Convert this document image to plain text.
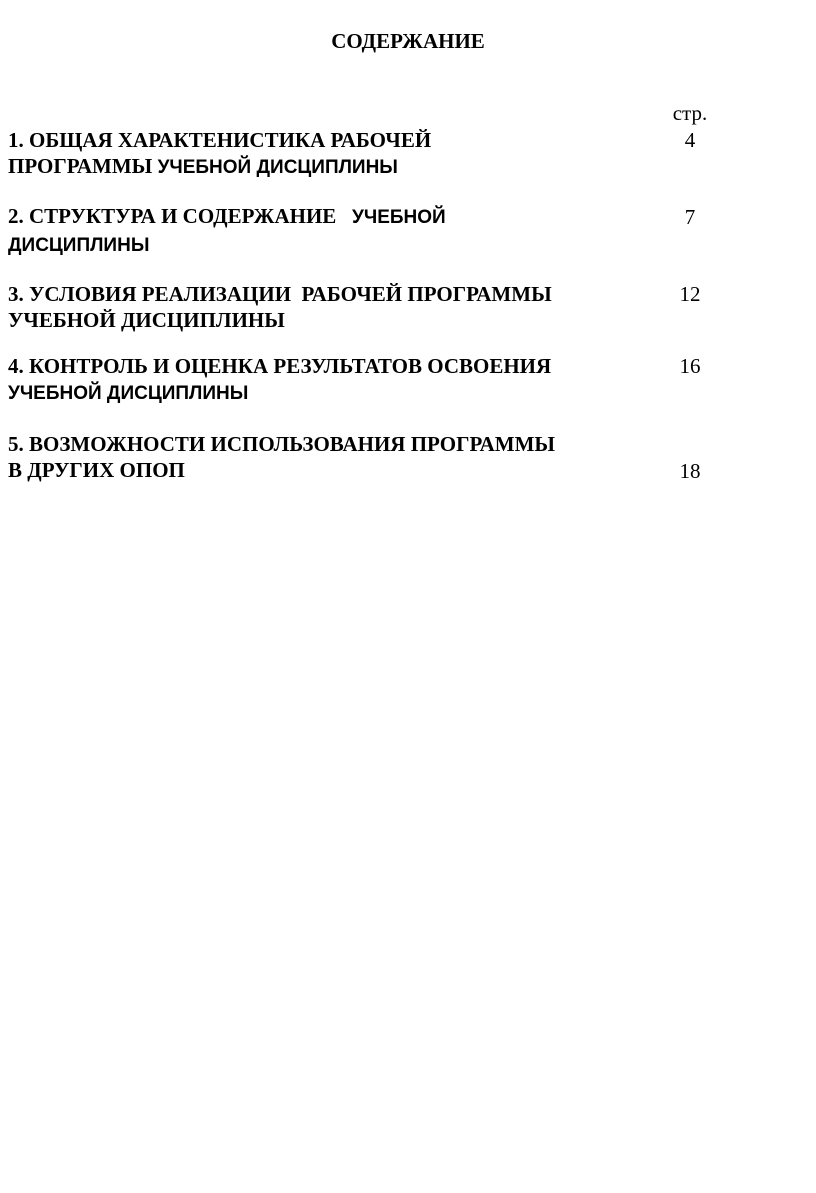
СОДЕРЖАНИЕ
стр.
1. ОБЩАЯ ХАРАКТЕНИСТИКА РАБОЧЕЙ
ПРОГРАММЫ УЧЕБНОЙ ДИСЦИПЛИНЫ
4
2. СТРУКТУРА И СОДЕРЖАНИЕ   УЧЕБНОЙ
ДИСЦИПЛИНЫ
7
3. УСЛОВИЯ РЕАЛИЗАЦИИ  РАБОЧЕЙ ПРОГРАММЫ
УЧЕБНОЙ ДИСЦИПЛИНЫ
12
4. КОНТРОЛЬ И ОЦЕНКА РЕЗУЛЬТАТОВ ОСВОЕНИЯ
УЧЕБНОЙ ДИСЦИПЛИНЫ
16
5. ВОЗМОЖНОСТИ ИСПОЛЬЗОВАНИЯ ПРОГРАММЫ
В ДРУГИХ ОПОП	18
